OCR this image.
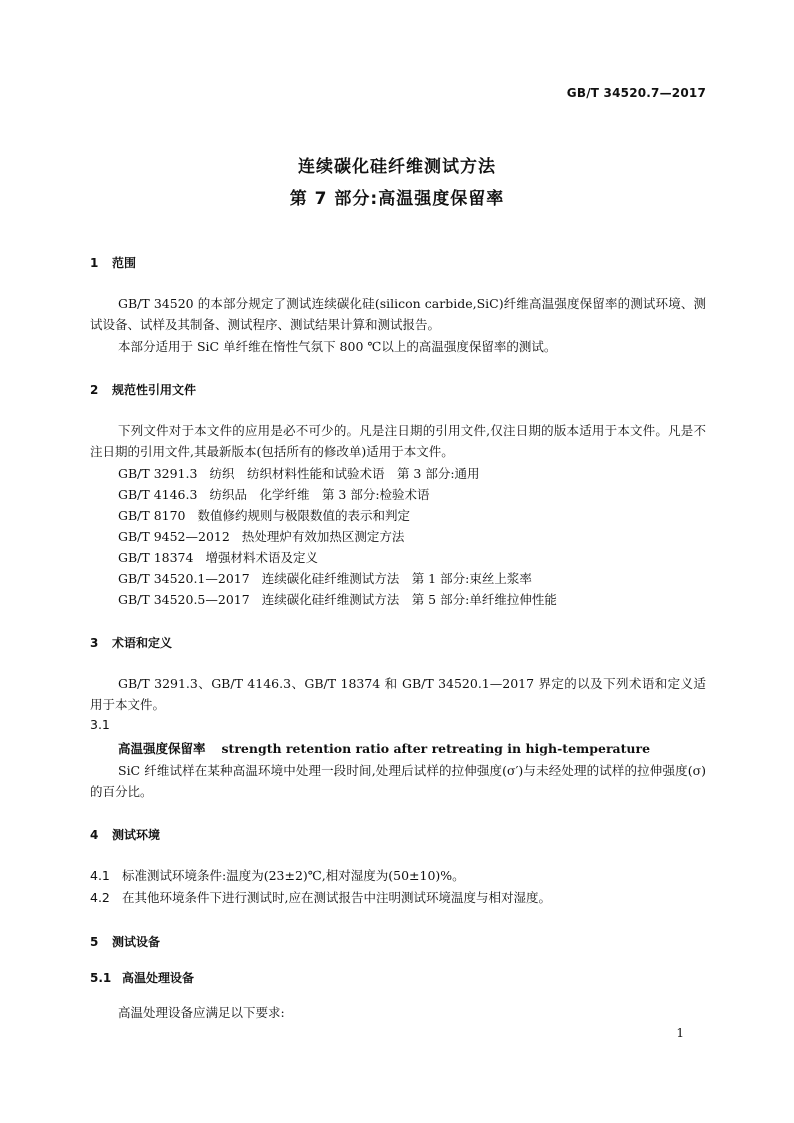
GB/T 34520.7—2017
连续碳化硅纤维测试方法
第 7 部分:高温强度保留率
1 范围
GB/T 34520 的本部分规定了测试连续碳化硅(silicon carbide,SiC)纤维高温强度保留率的测试环境、测试设备、试样及其制备、测试程序、测试结果计算和测试报告。
本部分适用于 SiC 单纤维在惰性气氛下 800 ℃以上的高温强度保留率的测试。
2 规范性引用文件
下列文件对于本文件的应用是必不可少的。凡是注日期的引用文件,仅注日期的版本适用于本文件。凡是不注日期的引用文件,其最新版本(包括所有的修改单)适用于本文件。
GB/T 3291.3 纺织　纺织材料性能和试验术语　第 3 部分:通用
GB/T 4146.3 纺织品　化学纤维　第 3 部分:检验术语
GB/T 8170 数值修约规则与极限数值的表示和判定
GB/T 9452—2012 热处理炉有效加热区测定方法
GB/T 18374 增强材料术语及定义
GB/T 34520.1—2017 连续碳化硅纤维测试方法　第 1 部分:束丝上浆率
GB/T 34520.5—2017 连续碳化硅纤维测试方法　第 5 部分:单纤维拉伸性能
3 术语和定义
GB/T 3291.3、GB/T 4146.3、GB/T 18374 和 GB/T 34520.1—2017 界定的以及下列术语和定义适用于本文件。
3.1
高温强度保留率 strength retention ratio after retreating in high-temperature
SiC 纤维试样在某种高温环境中处理一段时间,处理后试样的拉伸强度(σ′)与未经处理的试样的拉伸强度(σ)的百分比。
4 测试环境
4.1 标准测试环境条件:温度为(23±2)℃,相对湿度为(50±10)%。
4.2 在其他环境条件下进行测试时,应在测试报告中注明测试环境温度与相对湿度。
5 测试设备
5.1 高温处理设备
高温处理设备应满足以下要求:
1
